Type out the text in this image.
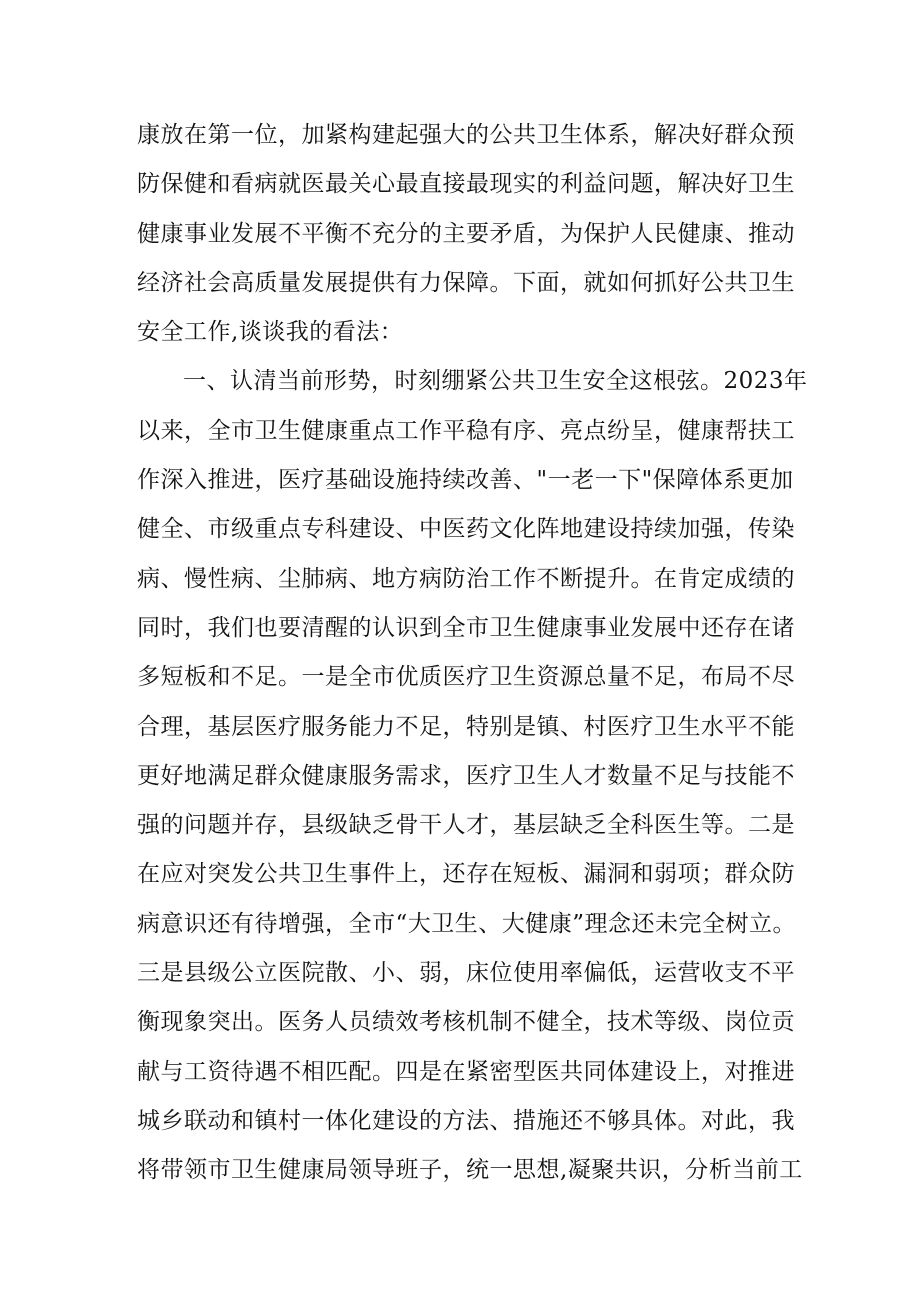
康放在第一位，加紧构建起强大的公共卫生体系，解决好群众预
防保健和看病就医最关心最直接最现实的利益问题，解决好卫生
健康事业发展不平衡不充分的主要矛盾，为保护人民健康、推动
经济社会高质量发展提供有力保障。下面，就如何抓好公共卫生
安全工作,谈谈我的看法：
一、认清当前形势，时刻绷紧公共卫生安全这根弦。2023年
以来，全市卫生健康重点工作平稳有序、亮点纷呈，健康帮扶工
作深入推进，医疗基础设施持续改善、"一老一下"保障体系更加
健全、市级重点专科建设、中医药文化阵地建设持续加强，传染
病、慢性病、尘肺病、地方病防治工作不断提升。在肯定成绩的
同时，我们也要清醒的认识到全市卫生健康事业发展中还存在诸
多短板和不足。一是全市优质医疗卫生资源总量不足，布局不尽
合理，基层医疗服务能力不足，特别是镇、村医疗卫生水平不能
更好地满足群众健康服务需求，医疗卫生人才数量不足与技能不
强的问题并存，县级缺乏骨干人才，基层缺乏全科医生等。二是
在应对突发公共卫生事件上，还存在短板、漏洞和弱项；群众防
病意识还有待增强，全市“大卫生、大健康”理念还未完全树立。
三是县级公立医院散、小、弱，床位使用率偏低，运营收支不平
衡现象突出。医务人员绩效考核机制不健全，技术等级、岗位贡
献与工资待遇不相匹配。四是在紧密型医共同体建设上，对推进
城乡联动和镇村一体化建设的方法、措施还不够具体。对此，我
将带领市卫生健康局领导班子，统一思想,凝聚共识，分析当前工
